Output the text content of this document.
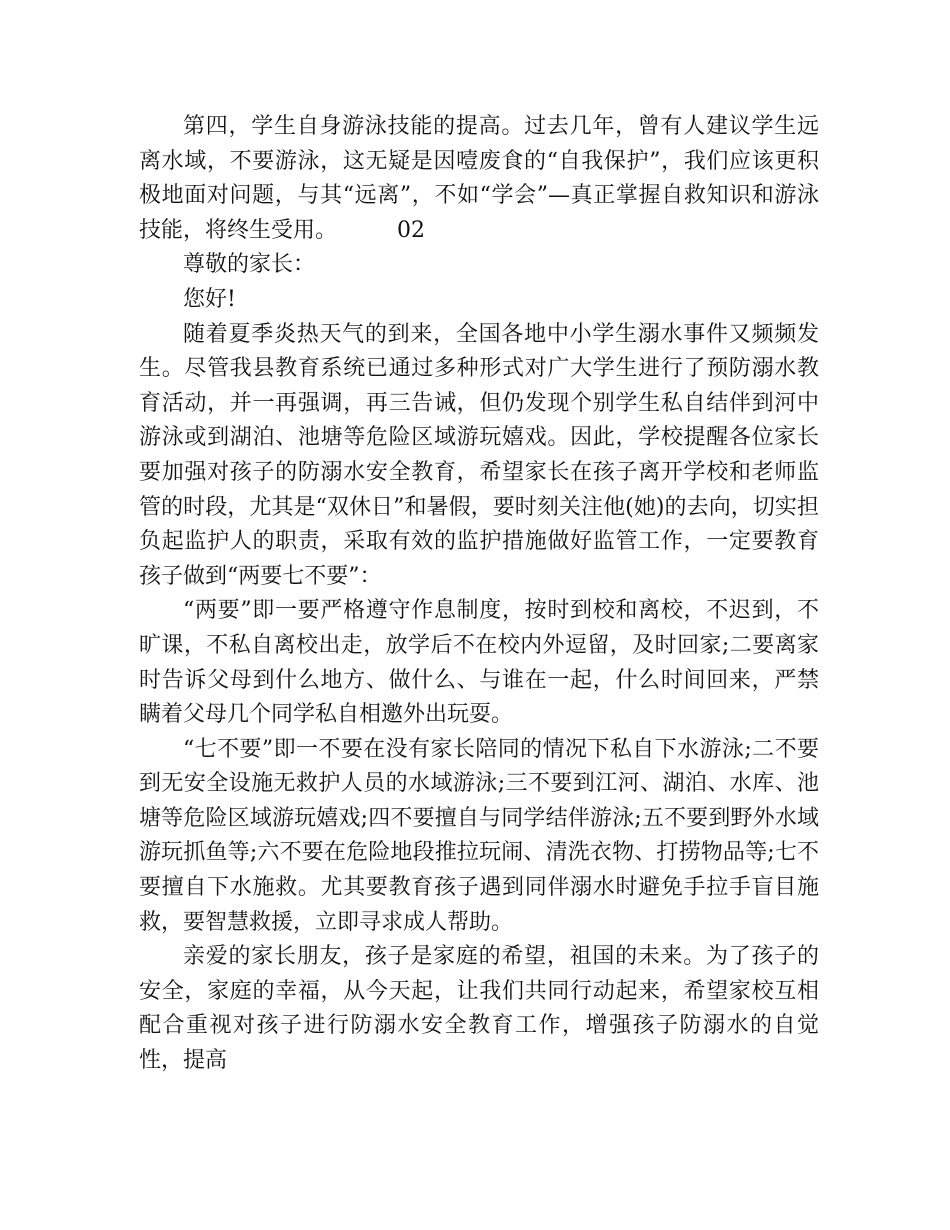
第四，学生自身游泳技能的提高。过去几年，曾有人建议学生远离水域，不要游泳，这无疑是因噎废食的“自我保护”，我们应该更积极地面对问题，与其“远离”，不如“学会”—真正掌握自救知识和游泳技能，将终生受用。	02

尊敬的家长：

您好!

随着夏季炎热天气的到来，全国各地中小学生溺水事件又频频发生。尽管我县教育系统已通过多种形式对广大学生进行了预防溺水教育活动，并一再强调，再三告诫，但仍发现个别学生私自结伴到河中游泳或到湖泊、池塘等危险区域游玩嬉戏。因此，学校提醒各位家长要加强对孩子的防溺水安全教育，希望家长在孩子离开学校和老师监管的时段，尤其是“双休日”和暑假，要时刻关注他(她)的去向，切实担负起监护人的职责，采取有效的监护措施做好监管工作，一定要教育孩子做到“两要七不要”：

“两要”即一要严格遵守作息制度，按时到校和离校，不迟到，不旷课，不私自离校出走，放学后不在校内外逗留，及时回家;二要离家时告诉父母到什么地方、做什么、与谁在一起，什么时间回来，严禁瞒着父母几个同学私自相邀外出玩耍。

“七不要”即一不要在没有家长陪同的情况下私自下水游泳;二不要到无安全设施无救护人员的水域游泳;三不要到江河、湖泊、水库、池塘等危险区域游玩嬉戏;四不要擅自与同学结伴游泳;五不要到野外水域游玩抓鱼等;六不要在危险地段推拉玩闹、清洗衣物、打捞物品等;七不要擅自下水施救。尤其要教育孩子遇到同伴溺水时避免手拉手盲目施救，要智慧救援，立即寻求成人帮助。

亲爱的家长朋友，孩子是家庭的希望，祖国的未来。为了孩子的安全，家庭的幸福，从今天起，让我们共同行动起来，希望家校互相配合重视对孩子进行防溺水安全教育工作，增强孩子防溺水的自觉性，提高
